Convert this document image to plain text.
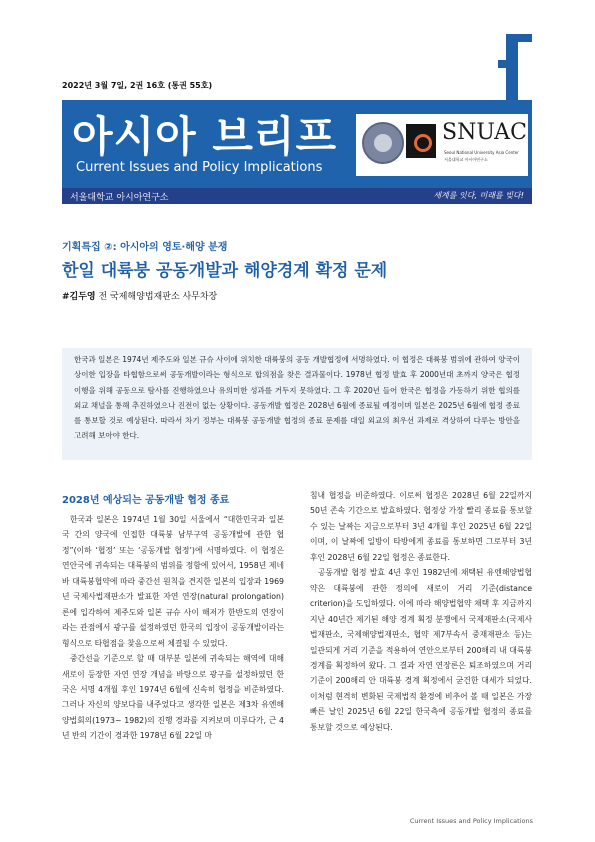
2022년 3월 7일, 2권 16호 (통권 55호)
아시아 브리프
Current Issues and Policy Implications
SNUAC
Seoul National University Asia Center
서울대학교 아시아연구소
서울대학교 아시아연구소	세계를 잇다, 미래를 빚다!
기획특집 ②: 아시아의 영토·해양 분쟁
한일 대륙붕 공동개발과 해양경계 확정 문제
#김두영 전 국제해양법재판소 사무차장

한국과 일본은 1974년 제주도와 일본 규슈 사이에 위치한 대륙붕의 공동 개발협정에 서명하였다. 이 협정은 대륙붕 범위에 관하여 양국이 상이한 입장을 타협함으로써 공동개발이라는 형식으로 합의점을 찾은 결과물이다. 1978년 협정 발효 후 2000년대 초까지 양국은 협정 이행을 위해 공동으로 탐사를 진행하였으나 유의미한 성과를 거두지 못하였다. 그 후 2020년 들어 한국은 협정을 가동하기 위한 협의를 외교 채널을 통해 추진하였으나 진전이 없는 상황이다. 공동개발 협정은 2028년 6월에 종료될 예정이며 일본은 2025년 6월에 협정 종료를 통보할 것로 예상된다. 따라서 차기 정부는 대륙붕 공동개발 협정의 종료 문제를 대일 외교의 최우선 과제로 격상하여 다루는 방안을 고려해 보아야 한다.

2028년 예상되는 공동개발 협정 종료

한국과 일본은 1974년 1월 30일 서울에서 “대한민국과 일본 국 간의 양국에 인접한 대륙붕 남부구역 공동개발에 관한 협정”(이하 ‘협정’ 또는 ‘공동개발 협정’)에 서명하였다. 이 협정은 연안국에 귀속되는 대륙붕의 범위를 정함에 있어서, 1958년 제네바 대륙붕협약에 따라 중간선 원칙을 견지한 일본의 입장과 1969년 국제사법재판소가 발표한 자연 연장(natural prolongation)론에 입각하여 제주도와 일본 규슈 사이 해저가 한반도의 연장이라는 관점에서 광구를 설정하였던 한국의 입장이 공동개발이라는 형식으로 타협점을 찾음으로써 체결될 수 있었다.

중간선을 기준으로 할 때 대부분 일본에 귀속되는 해역에 대해 새로이 등장한 자연 연장 개념을 바탕으로 광구를 설정하였던 한국은 서명 4개월 후인 1974년 6월에 신속히 협정을 비준하였다. 그러나 자신의 양보다를 내주었다고 생각한 일본은 제3차 유엔해양법회의(1973~ 1982)의 진행 경과를 지켜보며 미루다가, 근 4년 반의 기간이 경과한 1978년 6월 22일 마

침내 협정을 비준하였다. 이로써 협정은 2028년 6월 22일까지 50년 존속 기간으로 발효하였다. 협정상 가장 빨리 종료를 통보할 수 있는 날짜는 지금으로부터 3년 4개월 후인 2025년 6월 22일이며, 이 날짜에 일방이 타방에게 종료를 통보하면 그로부터 3년 후인 2028년 6월 22일 협정은 종료한다.

공동개발 협정 발효 4년 후인 1982년에 채택된 유엔해양법협약은 대륙붕에 관한 정의에 새로이 거리 기준(distance criterion)을 도입하였다. 이에 따라 해양법협약 채택 후 지금까지 지난 40년간 제기된 해양 경계 획정 분쟁에서 국제재판소(국제사법재판소, 국제해양법재판소, 협약 제7부속서 중재재판소 등)는 일관되게 거리 기준을 적용하여 연안으로부터 200해리 내 대륙붕 경계를 획정하여 왔다. 그 결과 자연 연장론은 퇴조하였으며 거리 기준이 200해리 안 대륙붕 경계 획정에서 굳건한 대세가 되었다. 이처럼 현격히 변화된 국제법적 환경에 비추어 볼 때 일본은 가장 빠른 날인 2025년 6월 22일 한국측에 공동개발 협정의 종료를 통보할 것으로 예상된다.

Current Issues and Policy Implications
